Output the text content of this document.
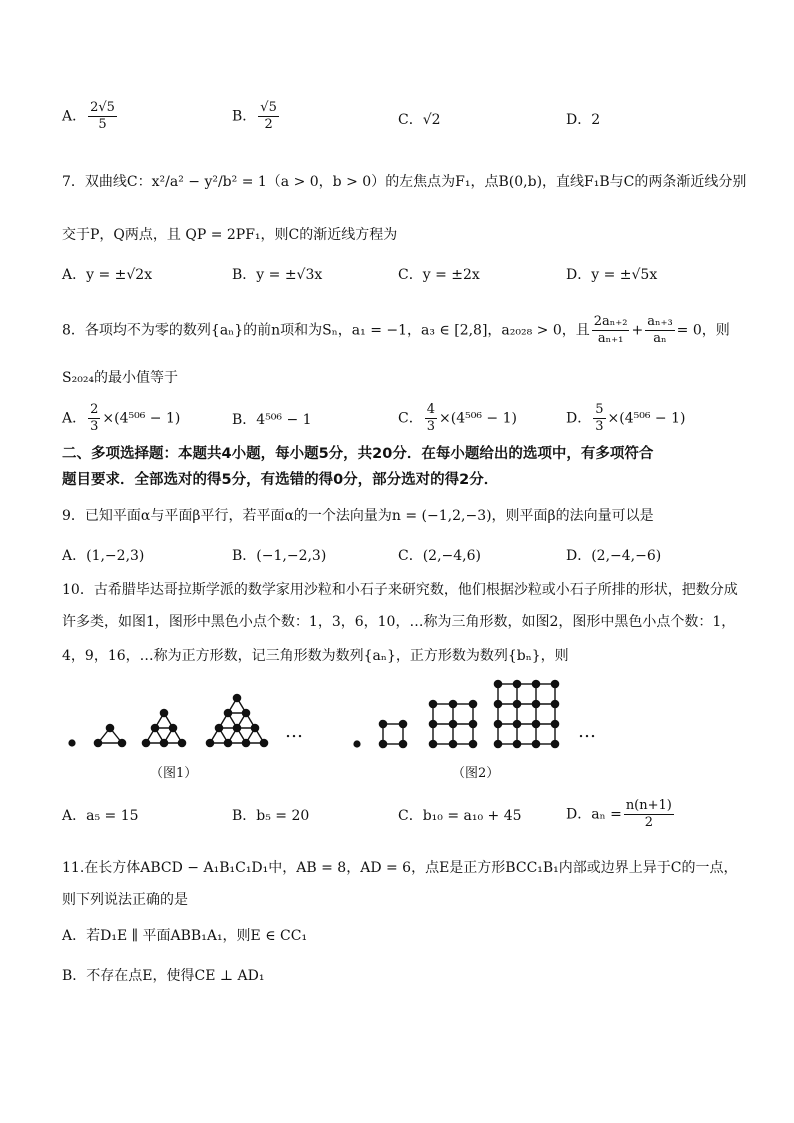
A． $\frac{2√5}{5}$	B． $\frac{√5}{2}$	C．√2	D．2
7．双曲线C：x²/a² − y²/b² = 1（a > 0，b > 0）的左焦点为F₁，点B(0,b)，直线F₁B与C的两条渐近线分别
交于P，Q两点，且 QP = 2PF₁，则C的渐近线方程为
A．y = ±√2x	B．y = ±√3x	C．y = ±2x	D．y = ±√5x
8．各项均不为零的数列{aₙ}的前n项和为Sₙ，a₁ = −1，a₃ ∈ [2,8]，a₂₀₂₈ > 0，且 $\frac{\text{2aₙ₊₂}}{\text{aₙ₊₁}} + \frac{\text{aₙ₊₃}}{\text{aₙ}} = 0$，则
S₂₀₂₄的最小值等于
A． $\frac{2}{3} \times(4^{506} - 1)$	B．4⁵⁰⁶ − 1	C． $\frac{4}{3} \times(4^{506} - 1)$	D． $\frac{5}{3} \times(4^{506} - 1)$
二、多项选择题：本题共4小题，每小题5分，共20分．在每小题给出的选项中，有多项符合
题目要求．全部选对的得5分，有选错的得0分，部分选对的得2分．
9．已知平面α与平面β平行，若平面α的一个法向量为n = (−1,2,−3)，则平面β的法向量可以是
A．(1,−2,3)	B．(−1,−2,3)	C．(2,−4,6)	D．(2,−4,−6)
10．古希腊毕达哥拉斯学派的数学家用沙粒和小石子来研究数，他们根据沙粒或小石子所排的形状，把数分成
许多类，如图1，图形中黑色小点个数：1，3，6，10，…称为三角形数，如图2，图形中黑色小点个数：1，
4，9，16，…称为正方形数，记三角形数为数列{aₙ}，正方形数为数列{bₙ}，则
…
（图1）
…
（图2）
A．a₅ = 15	B．b₅ = 20	C．b₁₀ = a₁₀ + 45	D．$a_n = \frac{n(n+1)}{2}$
11.在长方体ABCD − A₁B₁C₁D₁中，AB = 8，AD = 6，点E是正方形BCC₁B₁内部或边界上异于C的一点，
则下列说法正确的是
A．若D₁E ∥ 平面ABB₁A₁，则E ∈ CC₁
B．不存在点E，使得CE ⊥ AD₁
